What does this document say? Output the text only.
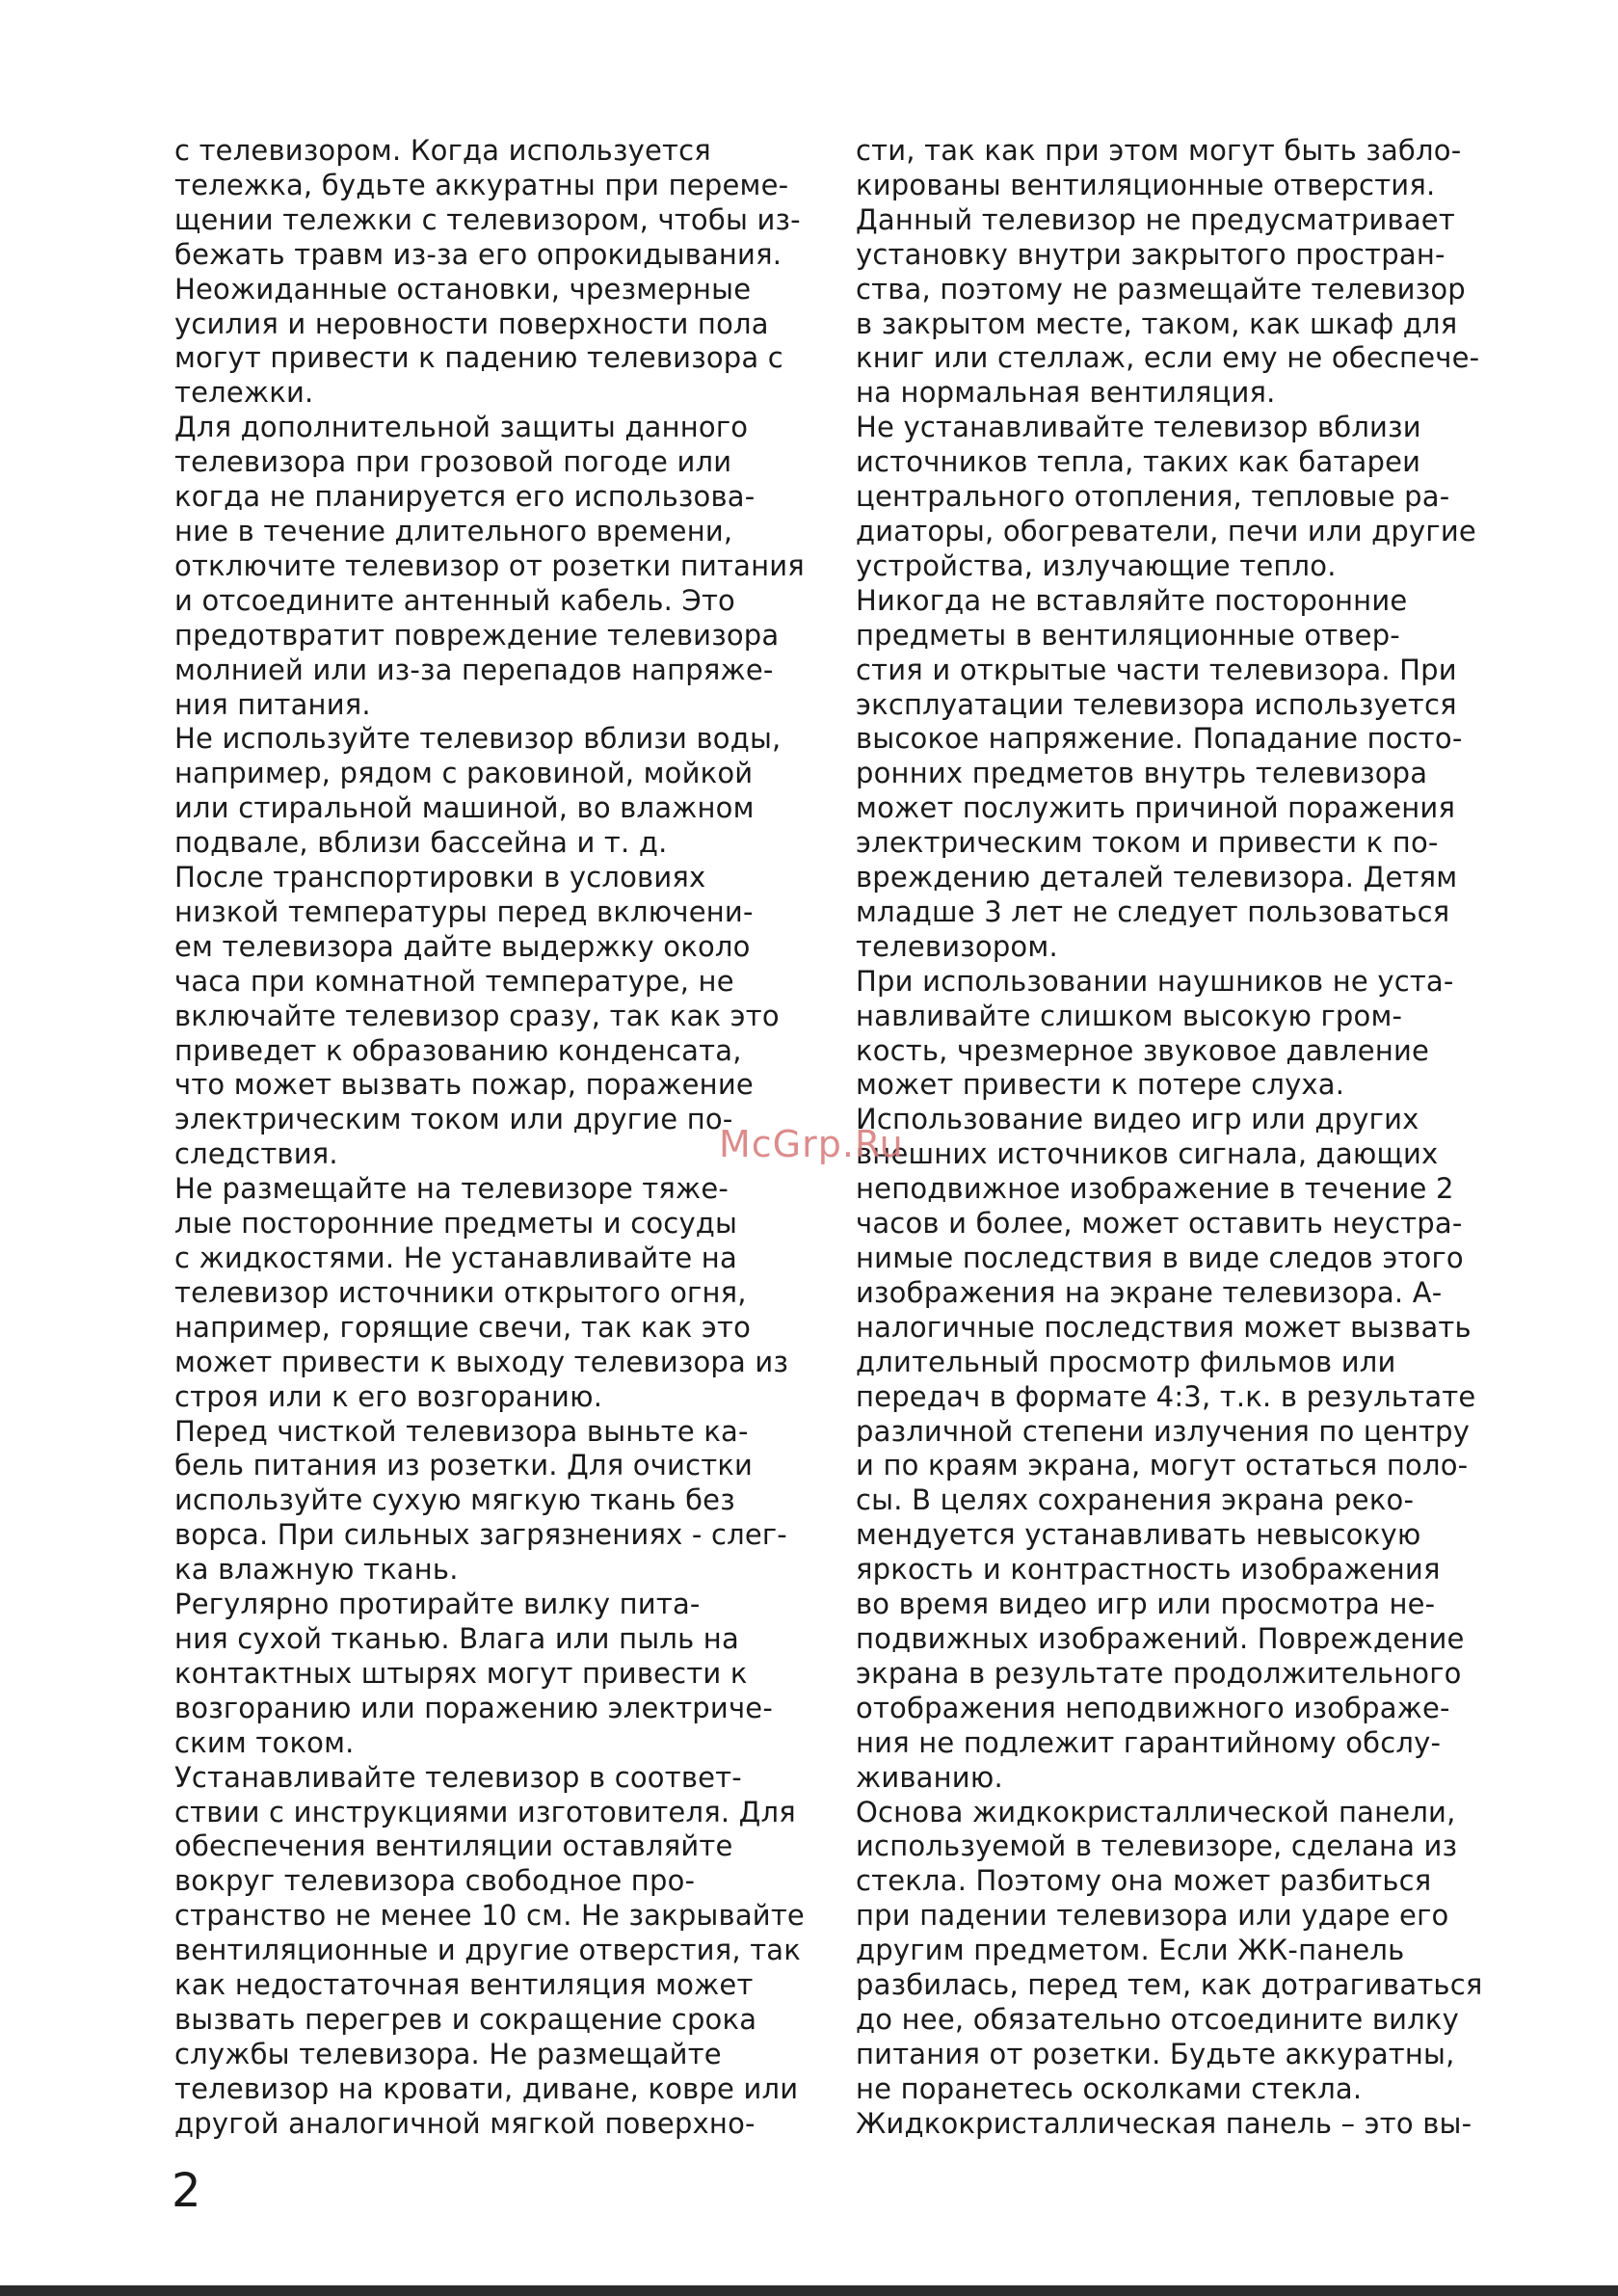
с телевизором. Когда используется
тележка, будьте аккуратны при переме-
щении тележки с телевизором, чтобы из-
бежать травм из-за его опрокидывания.
Неожиданные остановки, чрезмерные
усилия и неровности поверхности пола
могут привести к падению телевизора с
тележки.
Для дополнительной защиты данного
телевизора при грозовой погоде или
когда не планируется его использова-
ние в течение длительного времени,
отключите телевизор от розетки питания
и отсоедините антенный кабель. Это
предотвратит повреждение телевизора
молнией или из-за перепадов напряже-
ния питания.
Не используйте телевизор вблизи воды,
например, рядом с раковиной, мойкой
или стиральной машиной, во влажном
подвале, вблизи бассейна и т. д.
После транспортировки в условиях
низкой температуры перед включени-
ем телевизора дайте выдержку около
часа при комнатной температуре, не
включайте телевизор сразу, так как это
приведет к образованию конденсата,
что может вызвать пожар, поражение
электрическим током или другие по-
следствия.
Не размещайте на телевизоре тяже-
лые посторонние предметы и сосуды
с жидкостями. Не устанавливайте на
телевизор источники открытого огня,
например, горящие свечи, так как это
может привести к выходу телевизора из
строя или к его возгоранию.
Перед чисткой телевизора выньте ка-
бель питания из розетки. Для очистки
используйте сухую мягкую ткань без
ворса. При сильных загрязнениях - слег-
ка влажную ткань.
Регулярно протирайте вилку пита-
ния сухой тканью. Влага или пыль на
контактных штырях могут привести к
возгоранию или поражению электриче-
ским током.
Устанавливайте телевизор в соответ-
ствии с инструкциями изготовителя. Для
обеспечения вентиляции оставляйте
вокруг телевизора свободное про-
странство не менее 10 см. Не закрывайте
вентиляционные и другие отверстия, так
как недостаточная вентиляция может
вызвать перегрев и сокращение срока
службы телевизора. Не размещайте
телевизор на кровати, диване, ковре или
другой аналогичной мягкой поверхно-
сти, так как при этом могут быть забло-
кированы вентиляционные отверстия.
Данный телевизор не предусматривает
установку внутри закрытого простран-
ства, поэтому не размещайте телевизор
в закрытом месте, таком, как шкаф для
книг или стеллаж, если ему не обеспече-
на нормальная вентиляция.
Не устанавливайте телевизор вблизи
источников тепла, таких как батареи
центрального отопления, тепловые ра-
диаторы, обогреватели, печи или другие
устройства, излучающие тепло.
Никогда не вставляйте посторонние
предметы в вентиляционные отвер-
стия и открытые части телевизора. При
эксплуатации телевизора используется
высокое напряжение. Попадание посто-
ронних предметов внутрь телевизора
может послужить причиной поражения
электрическим током и привести к по-
вреждению деталей телевизора. Детям
младше 3 лет не следует пользоваться
телевизором.
При использовании наушников не уста-
навливайте слишком высокую гром-
кость, чрезмерное звуковое давление
может привести к потере слуха.
Использование видео игр или других
внешних источников сигнала, дающих
неподвижное изображение в течение 2
часов и более, может оставить неустра-
нимые последствия в виде следов этого
изображения на экране телевизора. А-
налогичные последствия может вызвать
длительный просмотр фильмов или
передач в формате 4:3, т.к. в результате
различной степени излучения по центру
и по краям экрана, могут остаться поло-
сы. В целях сохранения экрана реко-
мендуется устанавливать невысокую
яркость и контрастность изображения
во время видео игр или просмотра не-
подвижных изображений. Повреждение
экрана в результате продолжительного
отображения неподвижного изображе-
ния не подлежит гарантийному обслу-
живанию.
Основа жидкокристаллической панели,
используемой в телевизоре, сделана из
стекла. Поэтому она может разбиться
при падении телевизора или ударе его
другим предметом. Если ЖК-панель
разбилась, перед тем, как дотрагиваться
до нее, обязательно отсоедините вилку
питания от розетки. Будьте аккуратны,
не поранетесь осколками стекла.
Жидкокристаллическая панель – это вы-
McGrp.Ru
2
